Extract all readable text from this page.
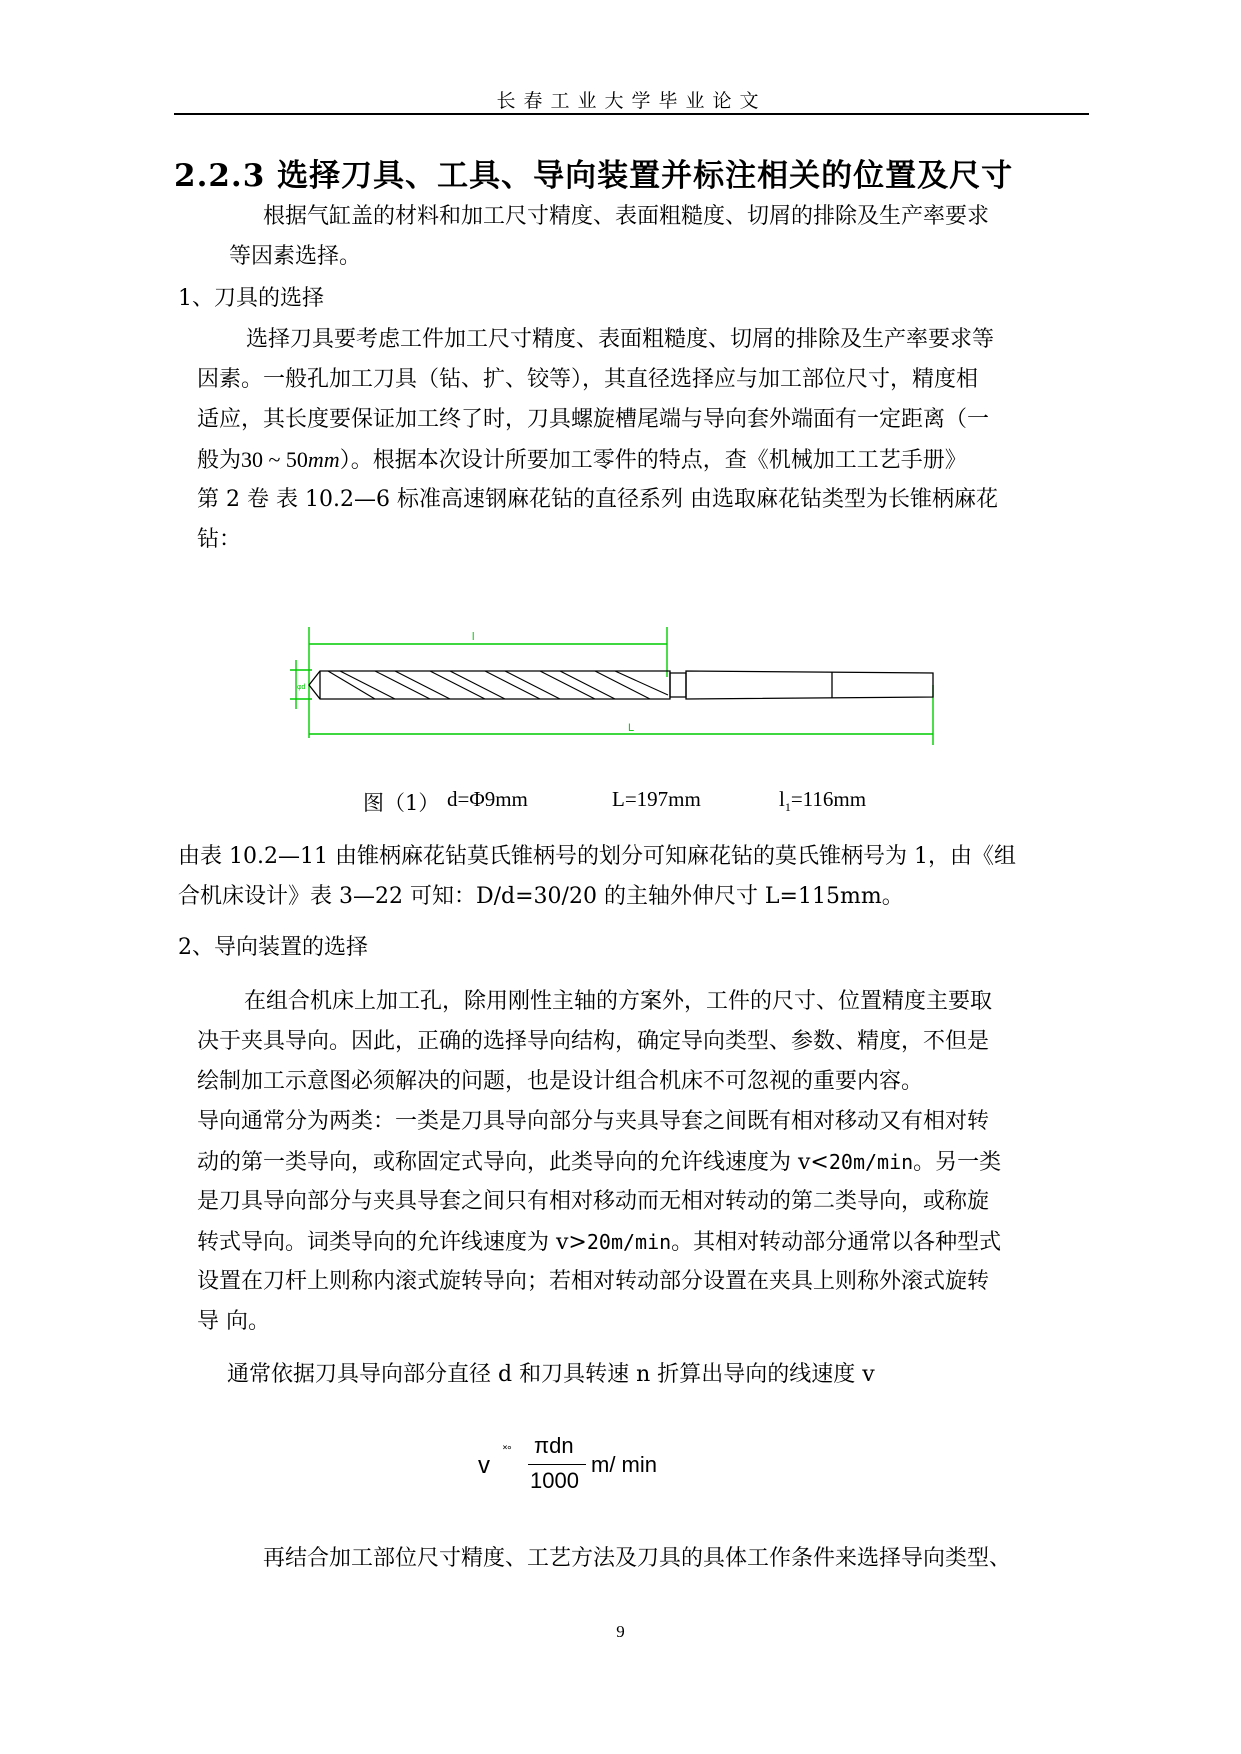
长春工业大学毕业论文
2.2.3 选择刀具、工具、导向装置并标注相关的位置及尺寸
根据气缸盖的材料和加工尺寸精度、表面粗糙度、切屑的排除及生产率要求
等因素选择。
1、刀具的选择
选择刀具要考虑工件加工尺寸精度、表面粗糙度、切屑的排除及生产率要求等
因素。一般孔加工刀具（钻、扩、铰等），其直径选择应与加工部位尺寸，精度相
适应，其长度要保证加工终了时，刀具螺旋槽尾端与导向套外端面有一定距离（一
般为30 ~ 50mm）。根据本次设计所要加工零件的特点，查《机械加工工艺手册》
第 2 卷 表 10.2—6 标准高速钢麻花钻的直径系列 由选取麻花钻类型为长锥柄麻花
钻：
l
L
φd
图（1） d=Φ9mm	L=197mm	$l_1=116mm$
由表 10.2—11 由锥柄麻花钻莫氏锥柄号的划分可知麻花钻的莫氏锥柄号为 1，由《组
合机床设计》表 3—22 可知：D/d=30/20 的主轴外伸尺寸 L=115mm。
2、导向装置的选择
在组合机床上加工孔，除用刚性主轴的方案外，工件的尺寸、位置精度主要取
决于夹具导向。因此，正确的选择导向结构，确定导向类型、参数、精度，不但是
绘制加工示意图必须解决的问题，也是设计组合机床不可忽视的重要内容。
导向通常分为两类：一类是刀具导向部分与夹具导套之间既有相对移动又有相对转
动的第一类导向，或称固定式导向，此类导向的允许线速度为 v<20m/min。另一类
是刀具导向部分与夹具导套之间只有相对移动而无相对转动的第二类导向，或称旋
转式导向。词类导向的允许线速度为 v>20m/min。其相对转动部分通常以各种型式
设置在刀杆上则称内滚式旋转导向；若相对转动部分设置在夹具上则称外滚式旋转
导 向。
通常依据刀具导向部分直径 d 和刀具转速 n 折算出导向的线速度 v
v
˟° πdn
1000
m/ min
再结合加工部位尺寸精度、工艺方法及刀具的具体工作条件来选择导向类型、
9
